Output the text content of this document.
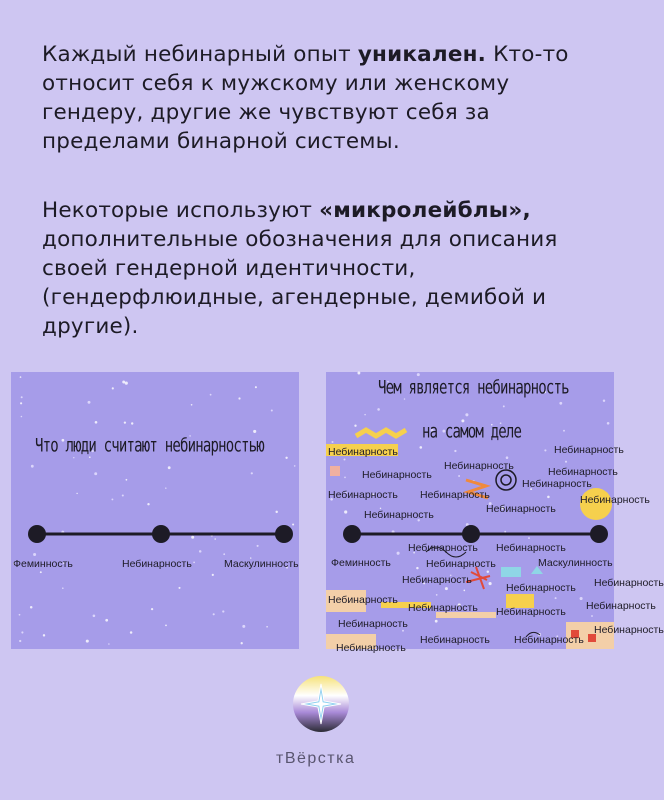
Каждый небинарный опыт уникален. Кто-то относит себя к мужскому или женскому гендеру, другие же чувствуют себя за пределами бинарной системы.
Некоторые используют «микролейблы», дополнительные обозначения для описания своей гендерной идентичности, (гендерфлюидные, агендерные, демибой и другие).
Что люди считают небинарностью
Феминность	Небинарность	Маскулинность
Чем является небинарность
на самом деле
Феминность	Маскулинность
Небинарность	Небинарность
Небинарность
Небинарность	Небинарность
Небинарность
Небинарность Небинарность	Небинарность
Небинарность
Небинарность
Небинарность Небинарность
Небинарность
Небинарность
Небинарность Небинарность
Небинарность
Небинарность Небинарность Небинарность
Небинарность	Небинарность
Небинарность Небинарность
Небинарность
тВёрстка
